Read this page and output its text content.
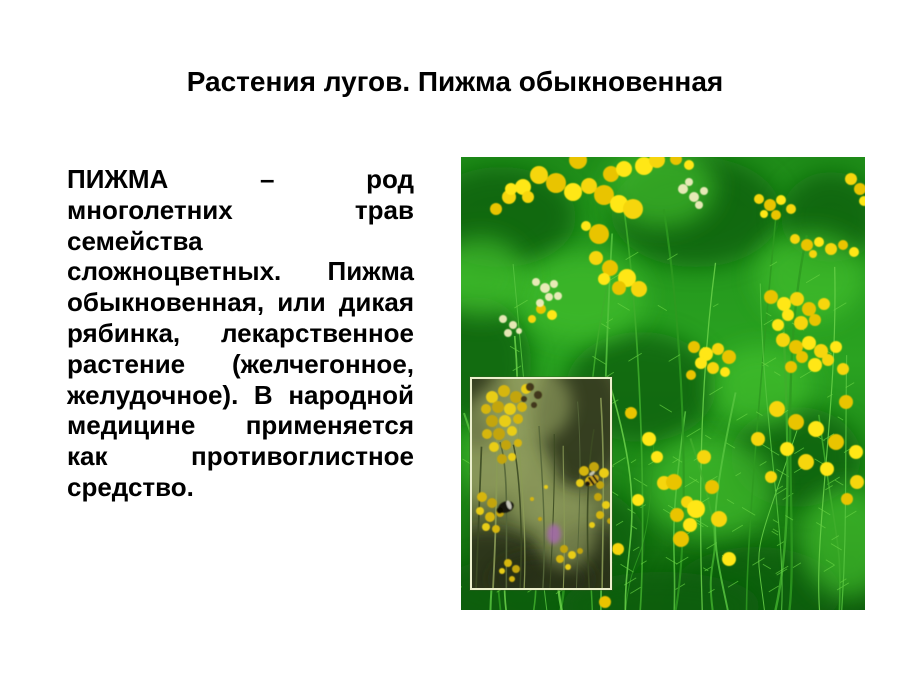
Растения лугов. Пижма обыкновенная
ПИЖМА – род
многолетних трав
семейства
сложноцветных. Пижма
обыкновенная, или дикая
рябинка, лекарственное
растение (желчегонное,
желудочное). В народной
медицине применяется
как противоглистное
средство.
